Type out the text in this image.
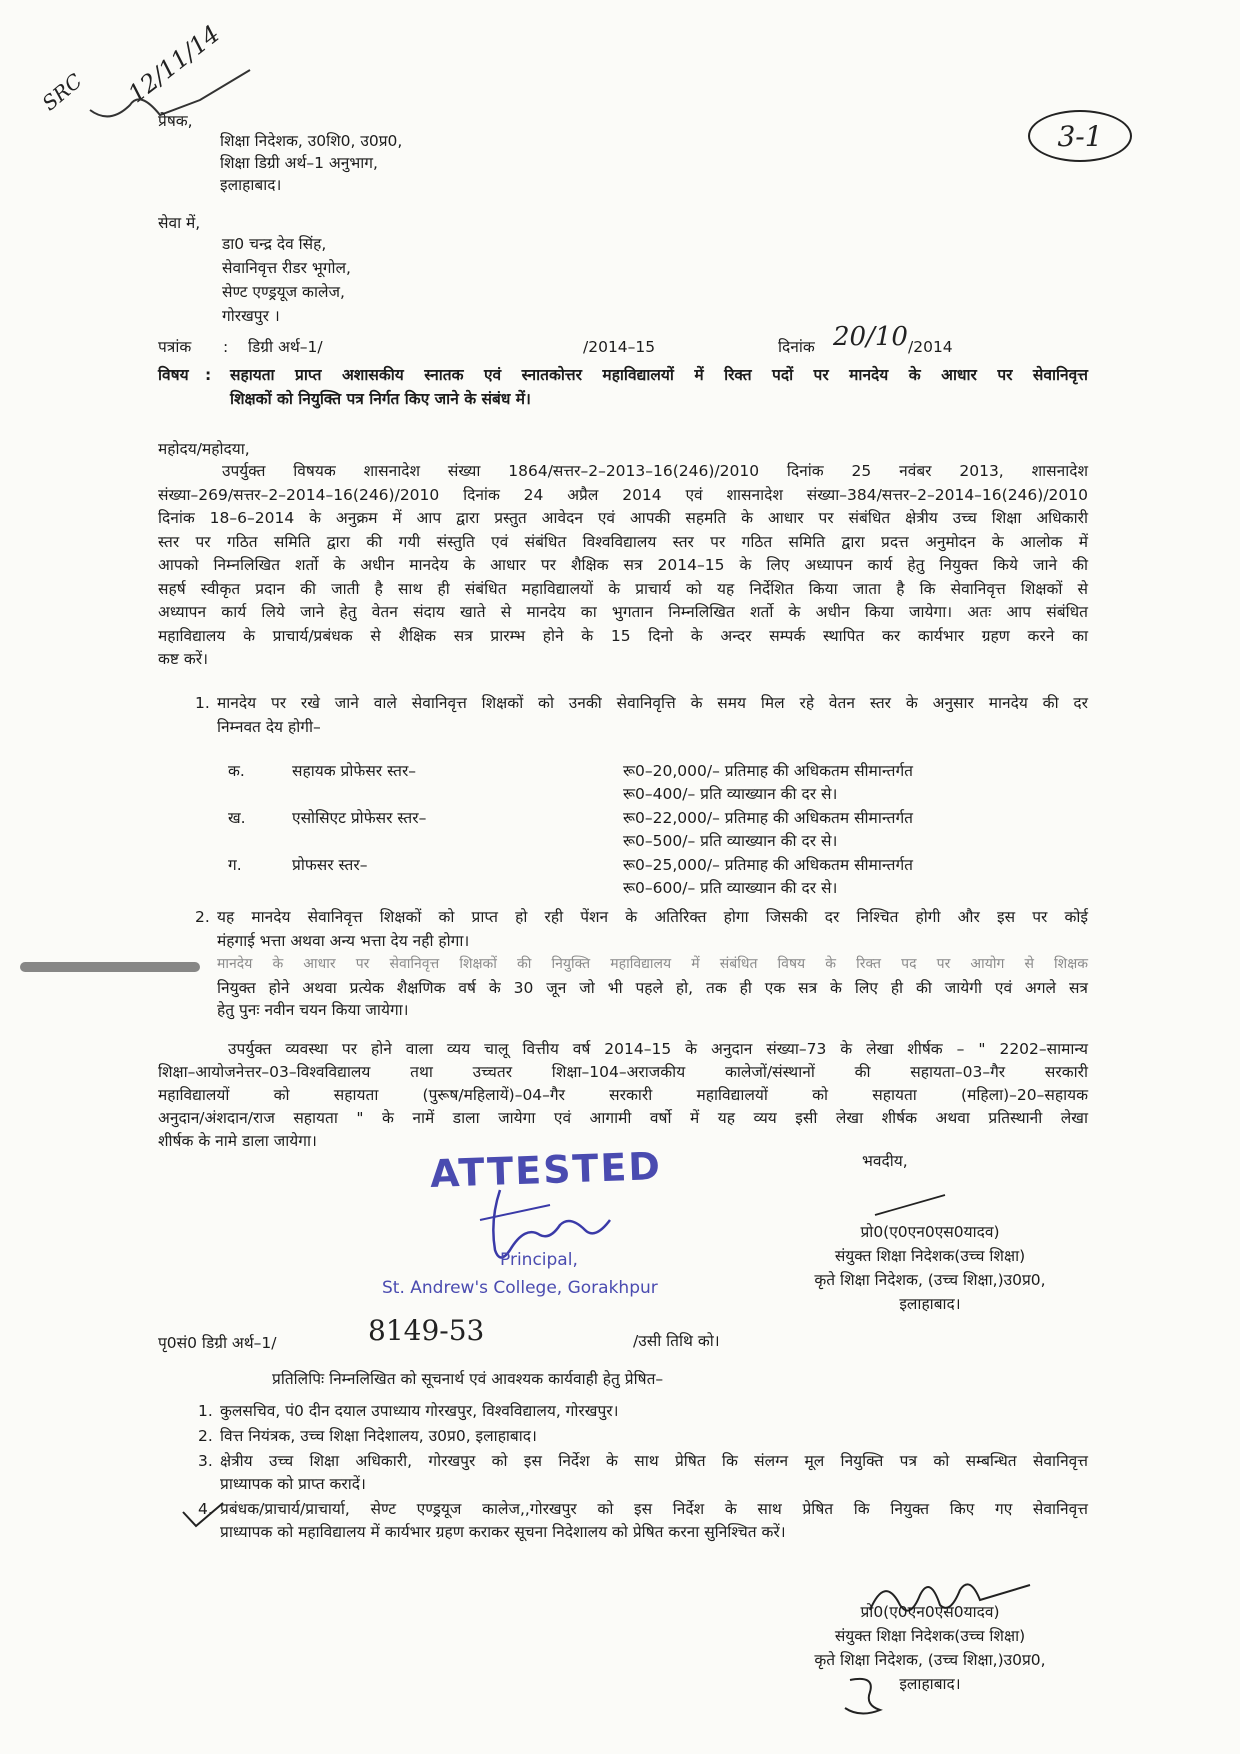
SRC 12/11/14
3-1
प्रेषक,
शिक्षा निदेशक, उ0शि0, उ0प्र0,
शिक्षा डिग्री अर्थ–1 अनुभाग,
इलाहाबाद।
सेवा में,
डा0 चन्द्र देव सिंह,
सेवानिवृत्त रीडर भूगोल,
सेण्ट एण्ड्रयूज कालेज,
गोरखपुर ।
पत्रांक : डिग्री अर्थ–1/	/2014–15	दिनांक 20/10 /2014
विषय : सहायता प्राप्त अशासकीय स्नातक एवं स्नातकोत्तर महाविद्यालयों में रिक्त पदों पर मानदेय के आधार पर सेवानिवृत्त
शिक्षकों को नियुक्ति पत्र निर्गत किए जाने के संबंध में।
महोदय/महोदया,
उपर्युक्त विषयक शासनादेश संख्या 1864/सत्तर–2–2013–16(246)/2010 दिनांक 25 नवंबर 2013, शासनादेश
संख्या–269/सत्तर–2–2014–16(246)/2010 दिनांक 24 अप्रैल 2014 एवं शासनादेश संख्या–384/सत्तर–2–2014–16(246)/2010
दिनांक 18–6–2014 के अनुक्रम में आप द्वारा प्रस्तुत आवेदन एवं आपकी सहमति के आधार पर संबंधित क्षेत्रीय उच्च शिक्षा अधिकारी
स्तर पर गठित समिति द्वारा की गयी संस्तुति एवं संबंधित विश्वविद्यालय स्तर पर गठित समिति द्वारा प्रदत्त अनुमोदन के आलोक में
आपको निम्नलिखित शर्तो के अधीन मानदेय के आधार पर शैक्षिक सत्र 2014–15 के लिए अध्यापन कार्य हेतु नियुक्त किये जाने की
सहर्ष स्वीकृत प्रदान की जाती है साथ ही संबंधित महाविद्यालयों के प्राचार्य को यह निर्देशित किया जाता है कि सेवानिवृत्त शिक्षकों से
अध्यापन कार्य लिये जाने हेतु वेतन संदाय खाते से मानदेय का भुगतान निम्नलिखित शर्तो के अधीन किया जायेगा। अतः आप संबंधित
महाविद्यालय के प्राचार्य/प्रबंधक से शैक्षिक सत्र प्रारम्भ होने के 15 दिनो के अन्दर सम्पर्क स्थापित कर कार्यभार ग्रहण करने का
कष्ट करें।
1. मानदेय पर रखे जाने वाले सेवानिवृत्त शिक्षकों को उनकी सेवानिवृत्ति के समय मिल रहे वेतन स्तर के अनुसार मानदेय की दर
निम्नवत देय होगी–
क.	सहायक प्रोफेसर स्तर–	रू0–20,000/– प्रतिमाह की अधिकतम सीमान्तर्गत
रू0–400/– प्रति व्याख्यान की दर से।
ख.	एसोसिएट प्रोफेसर स्तर–	रू0–22,000/– प्रतिमाह की अधिकतम सीमान्तर्गत
रू0–500/– प्रति व्याख्यान की दर से।
ग.	प्रोफसर स्तर–	रू0–25,000/– प्रतिमाह की अधिकतम सीमान्तर्गत
रू0–600/– प्रति व्याख्यान की दर से।
2. यह मानदेय सेवानिवृत्त शिक्षकों को प्राप्त हो रही पेंशन के अतिरिक्त होगा जिसकी दर निश्चित होगी और इस पर कोई
मंहगाई भत्ता अथवा अन्य भत्ता देय नही होगा।
मानदेय के आधार पर सेवानिवृत्त शिक्षकों की नियुक्ति महाविद्यालय में संबंधित विषय के रिक्त पद पर आयोग से शिक्षक
नियुक्त होने अथवा प्रत्येक शैक्षणिक वर्ष के 30 जून जो भी पहले हो, तक ही एक सत्र के लिए ही की जायेगी एवं अगले सत्र
हेतु पुनः नवीन चयन किया जायेगा।
उपर्युक्त व्यवस्था पर होने वाला व्यय चालू वित्तीय वर्ष 2014–15 के अनुदान संख्या–73 के लेखा शीर्षक – " 2202–सामान्य
शिक्षा–आयोजनेत्तर–03–विश्वविद्यालय तथा उच्चतर शिक्षा–104–अराजकीय कालेजों/संस्थानों की सहायता–03–गैर सरकारी
महाविद्यालयों को सहायता (पुरूष/महिलायें)–04–गैर सरकारी महाविद्यालयों को सहायता (महिला)–20–सहायक
अनुदान/अंशदान/राज सहायता " के नामें डाला जायेगा एवं आगामी वर्षो में यह व्यय इसी लेखा शीर्षक अथवा प्रतिस्थानी लेखा
शीर्षक के नामे डाला जायेगा।
भवदीय,
ATTESTED
Principal,
St. Andrew's College, Gorakhpur
प्रो0(ए0एन0एस0यादव)
संयुक्त शिक्षा निदेशक(उच्च शिक्षा)
कृते शिक्षा निदेशक, (उच्च शिक्षा,)उ0प्र0,
इलाहाबाद।
पृ0सं0 डिग्री अर्थ–1/	8149-53	/उसी तिथि को।
प्रतिलिपिः निम्नलिखित को सूचनार्थ एवं आवश्यक कार्यवाही हेतु प्रेषित–
1. कुलसचिव, पं0 दीन दयाल उपाध्याय गोरखपुर, विश्वविद्यालय, गोरखपुर।
2. वित्त नियंत्रक, उच्च शिक्षा निदेशालय, उ0प्र0, इलाहाबाद।
3. क्षेत्रीय उच्च शिक्षा अधिकारी, गोरखपुर को इस निर्देश के साथ प्रेषित कि संलग्न मूल नियुक्ति पत्र को सम्बन्धित सेवानिवृत्त
प्राध्यापक को प्राप्त करादें।
4. प्रबंधक/प्राचार्य/प्राचार्या, सेण्ट एण्ड्रयूज कालेज,,गोरखपुर को इस निर्देश के साथ प्रेषित कि नियुक्त किए गए सेवानिवृत्त
प्राध्यापक को महाविद्यालय में कार्यभार ग्रहण कराकर सूचना निदेशालय को प्रेषित करना सुनिश्चित करें।
प्रो0(ए0एन0एस0यादव)
संयुक्त शिक्षा निदेशक(उच्च शिक्षा)
कृते शिक्षा निदेशक, (उच्च शिक्षा,)उ0प्र0,
इलाहाबाद।
